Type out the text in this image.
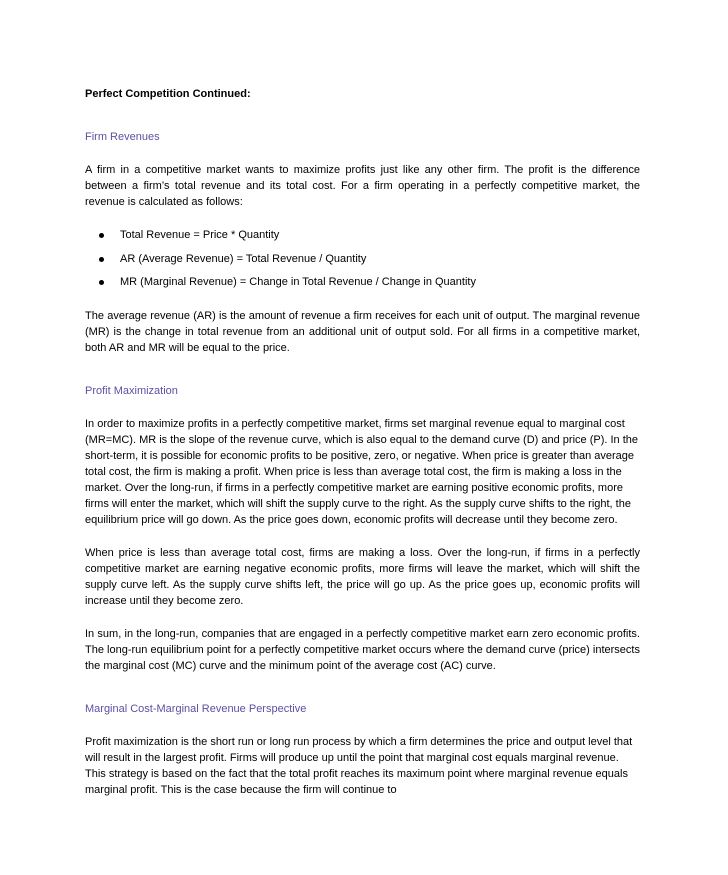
Perfect Competition Continued:
Firm Revenues

A firm in a competitive market wants to maximize profits just like any other firm. The profit is the difference between a firm’s total revenue and its total cost. For a firm operating in a perfectly competitive market, the revenue is calculated as follows:

Total Revenue = Price * Quantity
AR (Average Revenue) = Total Revenue / Quantity
MR (Marginal Revenue) = Change in Total Revenue / Change in Quantity

The average revenue (AR) is the amount of revenue a firm receives for each unit of output. The marginal revenue (MR) is the change in total revenue from an additional unit of output sold. For all firms in a competitive market, both AR and MR will be equal to the price.

Profit Maximization

In order to maximize profits in a perfectly competitive market, firms set marginal revenue equal to marginal cost (MR=MC). MR is the slope of the revenue curve, which is also equal to the demand curve (D) and price (P). In the short-term, it is possible for economic profits to be positive, zero, or negative. When price is greater than average total cost, the firm is making a profit. When price is less than average total cost, the firm is making a loss in the market. Over the long-run, if firms in a perfectly competitive market are earning positive economic profits, more firms will enter the market, which will shift the supply curve to the right. As the supply curve shifts to the right, the equilibrium price will go down. As the price goes down, economic profits will decrease until they become zero.

When price is less than average total cost, firms are making a loss. Over the long-run, if firms in a perfectly competitive market are earning negative economic profits, more firms will leave the market, which will shift the supply curve left. As the supply curve shifts left, the price will go up. As the price goes up, economic profits will increase until they become zero.

In sum, in the long-run, companies that are engaged in a perfectly competitive market earn zero economic profits. The long-run equilibrium point for a perfectly competitive market occurs where the demand curve (price) intersects the marginal cost (MC) curve and the minimum point of the average cost (AC) curve.

Marginal Cost-Marginal Revenue Perspective

Profit maximization is the short run or long run process by which a firm determines the price and output level that will result in the largest profit. Firms will produce up until the point that marginal cost equals marginal revenue. This strategy is based on the fact that the total profit reaches its maximum point where marginal revenue equals marginal profit. This is the case because the firm will continue to
